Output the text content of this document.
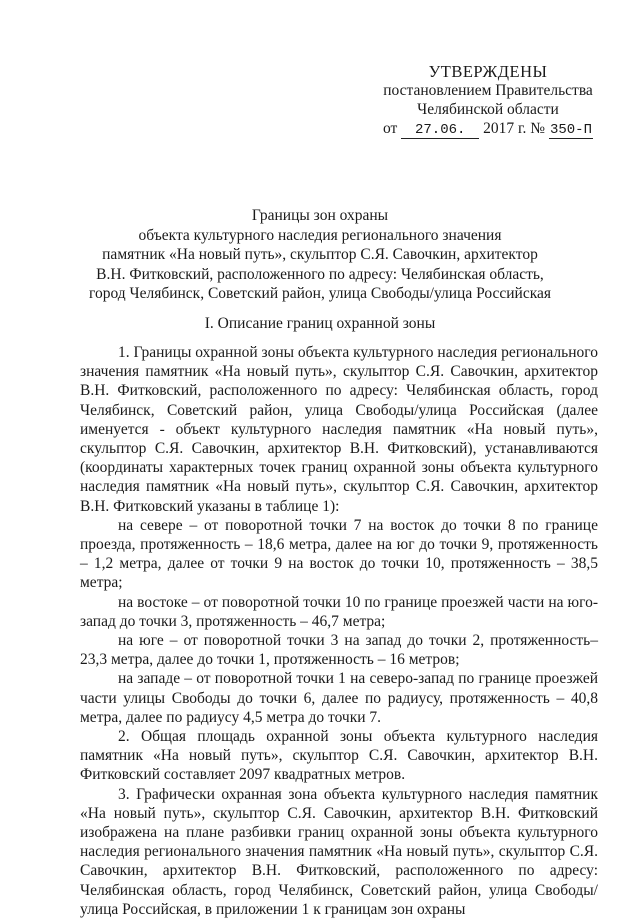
УТВЕРЖДЕНЫ
постановлением Правительства
Челябинской области
от 27.06. 2017 г. № 350-П
Границы зон охраны
объекта культурного наследия регионального значения
памятник «На новый путь», скульптор С.Я. Савочкин, архитектор
В.Н. Фитковский, расположенного по адресу: Челябинская область,
город Челябинск, Советский район, улица Свободы/улица Российская
I. Описание границ охранной зоны

1. Границы охранной зоны объекта культурного наследия регионального значения памятник «На новый путь», скульптор С.Я. Савочкин, архитектор В.Н. Фитковский, расположенного по адресу: Челябинская область, город Челябинск, Советский район, улица Свободы/улица Российская (далее именуется - объект культурного наследия памятник «На новый путь», скульптор С.Я. Савочкин, архитектор В.Н. Фитковский), устанавливаются (координаты характерных точек границ охранной зоны объекта культурного наследия памятник «На новый путь», скульптор С.Я. Савочкин, архитектор В.Н. Фитковский указаны в таблице 1):

на севере – от поворотной точки 7 на восток до точки 8 по границе проезда, протяженность – 18,6 метра, далее на юг до точки 9, протяженность – 1,2 метра, далее от точки 9 на восток до точки 10, протяженность – 38,5 метра;

на востоке – от поворотной точки 10 по границе проезжей части на юго-запад до точки 3, протяженность – 46,7 метра;

на юге – от поворотной точки 3 на запад до точки 2, протяженность– 23,3 метра, далее до точки 1, протяженность – 16 метров;

на западе – от поворотной точки 1 на северо-запад по границе проезжей части улицы Свободы до точки 6, далее по радиусу, протяженность – 40,8 метра, далее по радиусу 4,5 метра до точки 7.

2. Общая площадь охранной зоны объекта культурного наследия памятник «На новый путь», скульптор С.Я. Савочкин, архитектор В.Н. Фитковский составляет 2097 квадратных метров.

3. Графически охранная зона объекта культурного наследия памятник «На новый путь», скульптор С.Я. Савочкин, архитектор В.Н. Фитковский изображена на плане разбивки границ охранной зоны объекта культурного наследия регионального значения памятник «На новый путь», скульптор С.Я. Савочкин, архитектор В.Н. Фитковский, расположенного по адресу: Челябинская область, город Челябинск, Советский район, улица Свободы/улица Российская, в приложении 1 к границам зон охраны
